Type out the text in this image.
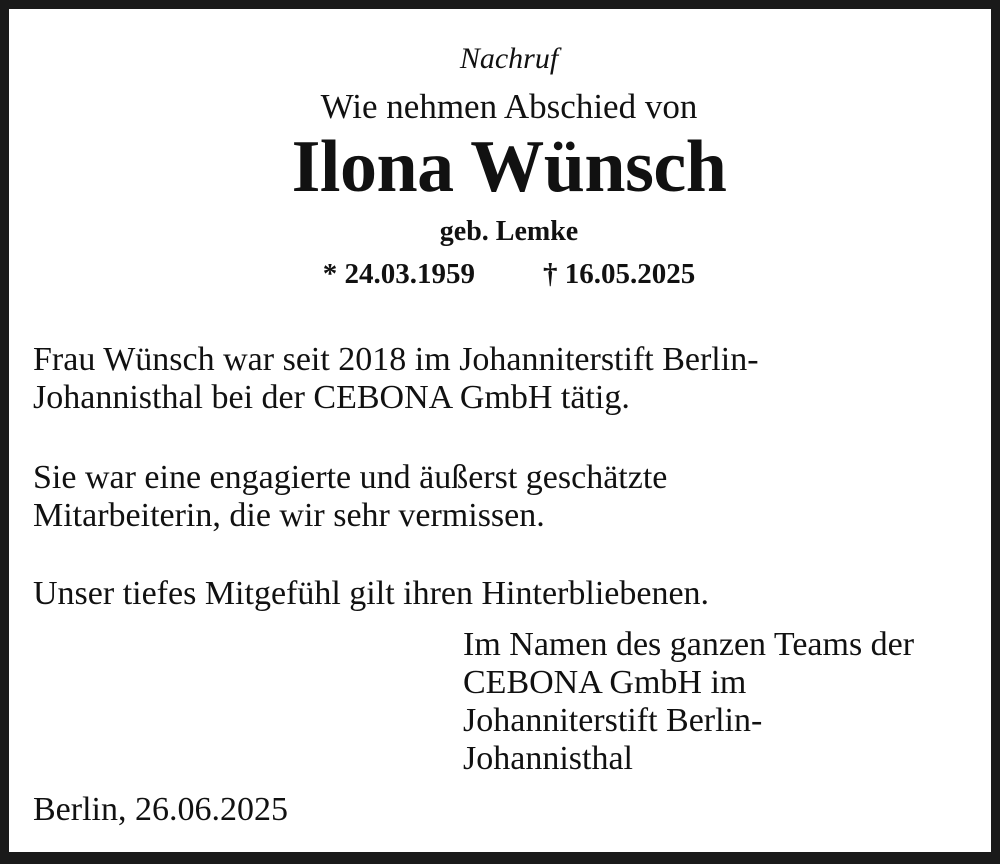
Nachruf
Wie nehmen Abschied von
Ilona Wünsch
geb. Lemke
* 24.03.1959 † 16.05.2025

Frau Wünsch war seit 2018 im Johanniterstift Berlin-
Johannisthal bei der CEBONA GmbH tätig.

Sie war eine engagierte und äußerst geschätzte
Mitarbeiterin, die wir sehr vermissen.

Unser tiefes Mitgefühl gilt ihren Hinterbliebenen.

Im Namen des ganzen Teams der
CEBONA GmbH im
Johanniterstift Berlin-
Johannisthal
Berlin, 26.06.2025
